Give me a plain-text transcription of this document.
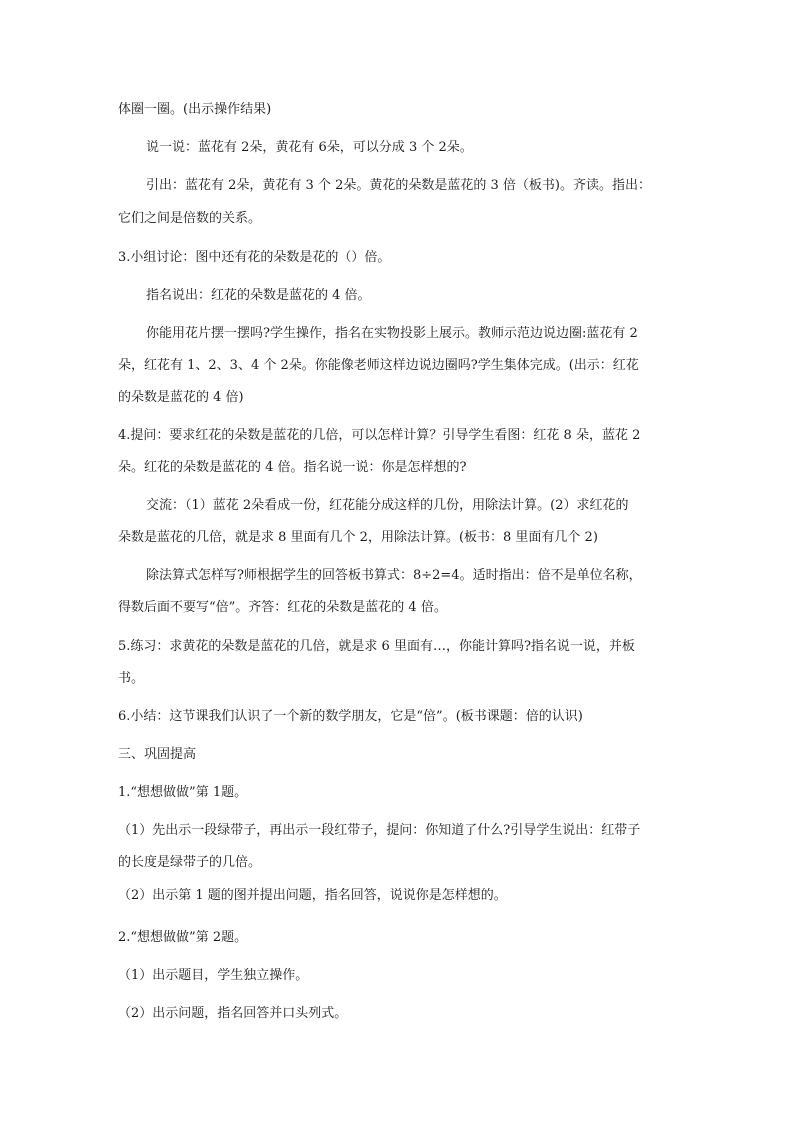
体圈一圈。(出示操作结果)
说一说：蓝花有 2朵，黄花有 6朵，可以分成 3 个 2朵。
引出：蓝花有 2朵，黄花有 3 个 2朵。黄花的朵数是蓝花的 3 倍（板书)。齐读。指出：
它们之间是倍数的关系。
3.小组讨论：图中还有花的朵数是花的（）倍。
指名说出：红花的朵数是蓝花的 4 倍。
你能用花片摆一摆吗?学生操作，指名在实物投影上展示。教师示范边说边圈:蓝花有 2
朵，红花有 1、2、3、4 个 2朵。你能像老师这样边说边圈吗?学生集体完成。(出示：红花
的朵数是蓝花的 4 倍)
4.提问：要求红花的朵数是蓝花的几倍，可以怎样计算？引导学生看图：红花 8 朵，蓝花 2
朵。红花的朵数是蓝花的 4 倍。指名说一说：你是怎样想的?
交流：（1）蓝花 2朵看成一份，红花能分成这样的几份，用除法计算。(2）求红花的
朵数是蓝花的几倍，就是求 8 里面有几个 2，用除法计算。(板书：8 里面有几个 2)
除法算式怎样写?师根据学生的回答板书算式：8÷2=4。适时指出：倍不是单位名称，
得数后面不要写“倍”。齐答：红花的朵数是蓝花的 4 倍。
5.练习：求黄花的朵数是蓝花的几倍，就是求 6 里面有…，你能计算吗?指名说一说，并板
书。
6.小结：这节课我们认识了一个新的数学朋友，它是“倍”。(板书课题：倍的认识)
三、巩固提高
1.“想想做做”第 1题。
（1）先出示一段绿带子，再出示一段红带子，提问：你知道了什么?引导学生说出：红带子
的长度是绿带子的几倍。
（2）出示第 1 题的图并提出问题，指名回答，说说你是怎样想的。
2.“想想做做”第 2题。
（1）出示题目，学生独立操作。
（2）出示问题，指名回答并口头列式。
